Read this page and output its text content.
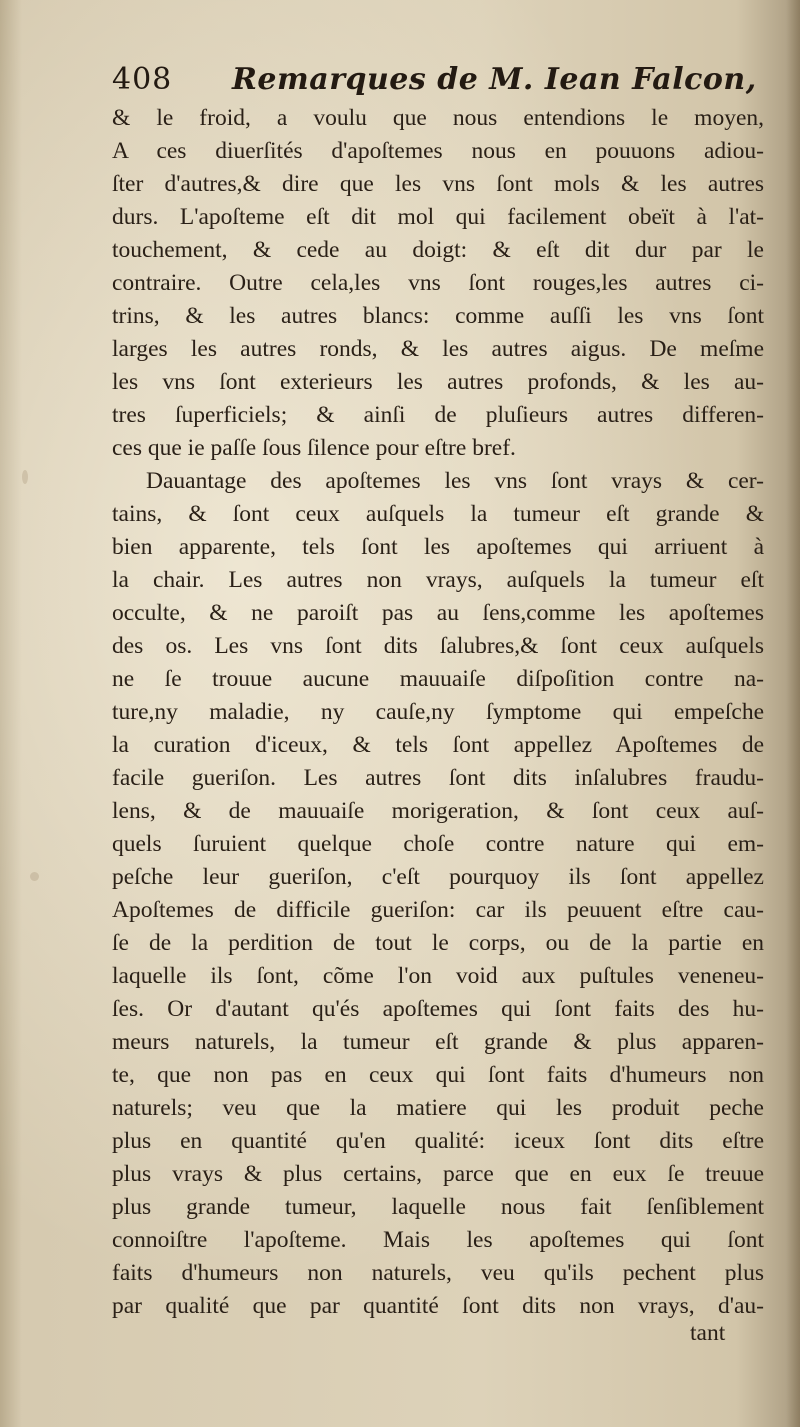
408 Remarques de M. Iean Falcon,
& le froid, a voulu que nous entendions le moyen,
A ces diuerſités d'apoſtemes nous en pouuons adiou-
ſter d'autres,& dire que les vns ſont mols & les autres
durs. L'apoſteme eſt dit mol qui facilement obeït à l'at-
touchement, & cede au doigt: & eſt dit dur par le
contraire. Outre cela,les vns ſont rouges,les autres ci-
trins, & les autres blancs: comme auſſi les vns ſont
larges les autres ronds, & les autres aigus. De meſme
les vns ſont exterieurs les autres profonds, & les au-
tres ſuperficiels; & ainſi de pluſieurs autres differen-
ces que ie paſſe ſous ſilence pour eſtre bref.
Dauantage des apoſtemes les vns ſont vrays & cer-
tains, & ſont ceux auſquels la tumeur eſt grande &
bien apparente, tels ſont les apoſtemes qui arriuent à
la chair. Les autres non vrays, auſquels la tumeur eſt
occulte, & ne paroiſt pas au ſens,comme les apoſtemes
des os. Les vns ſont dits ſalubres,& ſont ceux auſquels
ne ſe trouue aucune mauuaiſe diſpoſition contre na-
ture,ny maladie, ny cauſe,ny ſymptome qui empeſche
la curation d'iceux, & tels ſont appellez Apoſtemes de
facile gueriſon. Les autres ſont dits inſalubres fraudu-
lens, & de mauuaiſe morigeration, & ſont ceux auſ-
quels ſuruient quelque choſe contre nature qui em-
peſche leur gueriſon, c'eſt pourquoy ils ſont appellez
Apoſtemes de difficile gueriſon: car ils peuuent eſtre cau-
ſe de la perdition de tout le corps, ou de la partie en
laquelle ils ſont, cõme l'on void aux puſtules veneneu-
ſes. Or d'autant qu'és apoſtemes qui ſont faits des hu-
meurs naturels, la tumeur eſt grande & plus apparen-
te, que non pas en ceux qui ſont faits d'humeurs non
naturels; veu que la matiere qui les produit peche
plus en quantité qu'en qualité: iceux ſont dits eſtre
plus vrays & plus certains, parce que en eux ſe treuue
plus grande tumeur, laquelle nous fait ſenſiblement
connoiſtre l'apoſteme. Mais les apoſtemes qui ſont
faits d'humeurs non naturels, veu qu'ils pechent plus
par qualité que par quantité ſont dits non vrays, d'au-
tant
